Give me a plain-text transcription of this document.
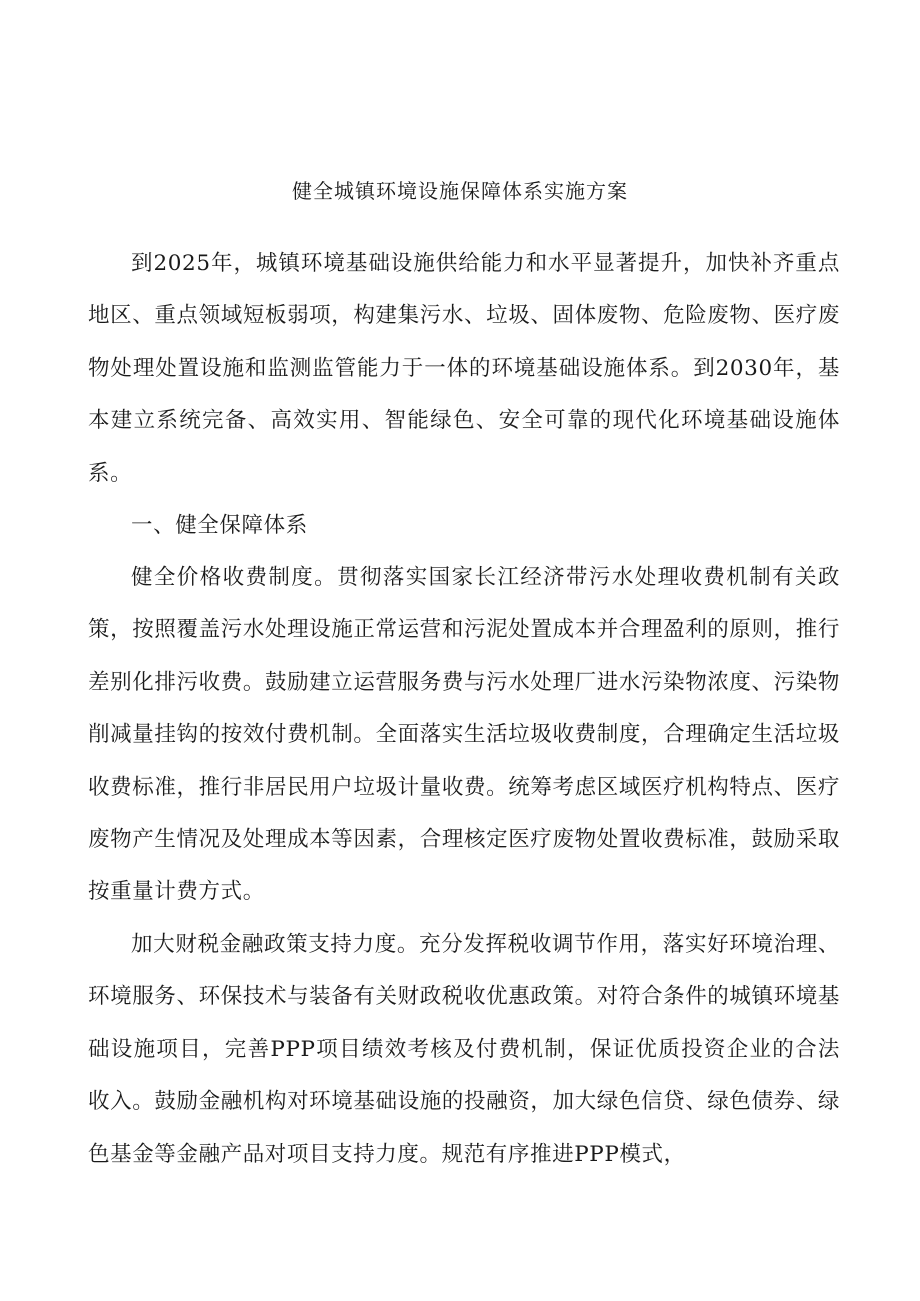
健全城镇环境设施保障体系实施方案

到2025年，城镇环境基础设施供给能力和水平显著提升，加快补齐重点地区、重点领域短板弱项，构建集污水、垃圾、固体废物、危险废物、医疗废物处理处置设施和监测监管能力于一体的环境基础设施体系。到2030年，基本建立系统完备、高效实用、智能绿色、安全可靠的现代化环境基础设施体系。

一、健全保障体系

健全价格收费制度。贯彻落实国家长江经济带污水处理收费机制有关政策，按照覆盖污水处理设施正常运营和污泥处置成本并合理盈利的原则，推行差别化排污收费。鼓励建立运营服务费与污水处理厂进水污染物浓度、污染物削减量挂钩的按效付费机制。全面落实生活垃圾收费制度，合理确定生活垃圾收费标准，推行非居民用户垃圾计量收费。统筹考虑区域医疗机构特点、医疗废物产生情况及处理成本等因素，合理核定医疗废物处置收费标准，鼓励采取按重量计费方式。

加大财税金融政策支持力度。充分发挥税收调节作用，落实好环境治理、环境服务、环保技术与装备有关财政税收优惠政策。对符合条件的城镇环境基础设施项目，完善PPP项目绩效考核及付费机制，保证优质投资企业的合法收入。鼓励金融机构对环境基础设施的投融资，加大绿色信贷、绿色债券、绿色基金等金融产品对项目支持力度。规范有序推进PPP模式，
